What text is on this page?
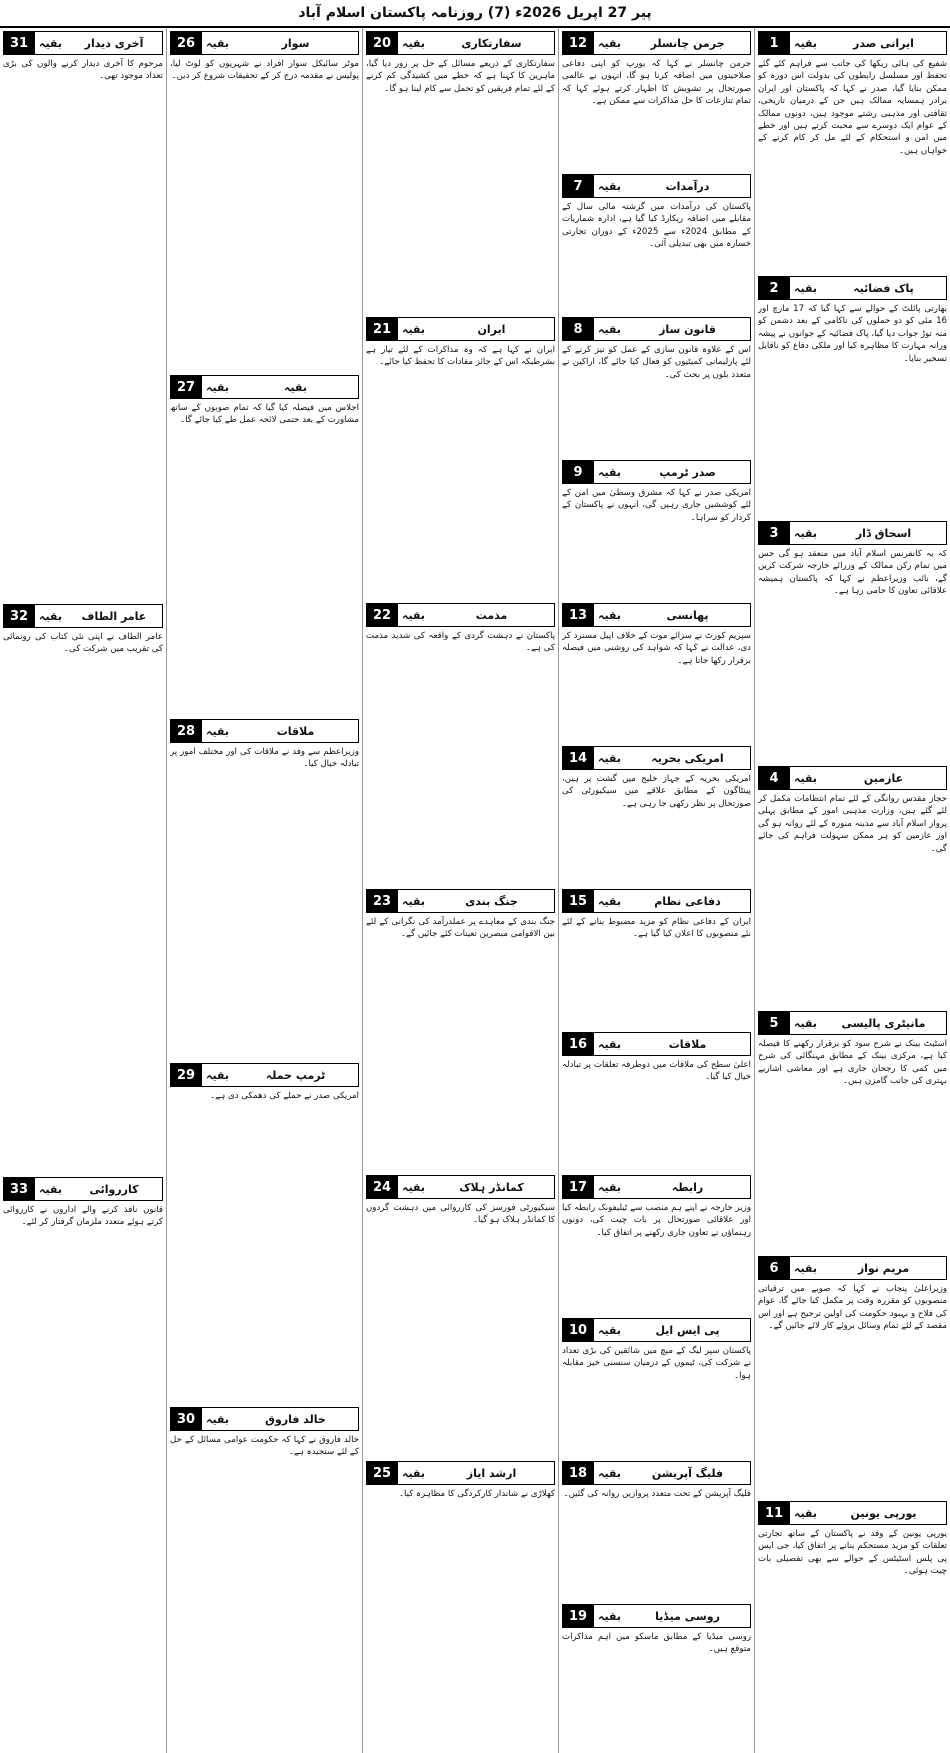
پیر 27 اپریل 2026ء (7) روزنامہ پاکستان اسلام آباد
ایرانی صدر
بقیہ
1
شفیع کی ہائی ریکھا کی جانب سے فراہم کئے گئے تحفظ اور مسلسل رابطوں کی بدولت اس دورہ کو ممکن بنایا گیا، صدر نے کہا کہ پاکستان اور ایران برادر ہمسایہ ممالک ہیں جن کے درمیان تاریخی، ثقافتی اور مذہبی رشتے موجود ہیں، دونوں ممالک کے عوام ایک دوسرے سے محبت کرتے ہیں اور خطے میں امن و استحکام کے لئے مل کر کام کرنے کے خواہاں ہیں۔
پاک فضائیہ
بقیہ
2
بھارتی پائلٹ کے حوالے سے کہا گیا کہ 17 مارچ اور 16 مئی کو دو حملوں کی ناکامی کے بعد دشمن کو منہ توڑ جواب دیا گیا، پاک فضائیہ کے جوانوں نے پیشہ ورانہ مہارت کا مظاہرہ کیا اور ملکی دفاع کو ناقابل تسخیر بنایا۔
اسحاق ڈار
بقیہ
3
کہ یہ کانفرنس اسلام آباد میں منعقد ہو گی جس میں تمام رکن ممالک کے وزرائے خارجہ شرکت کریں گے، نائب وزیراعظم نے کہا کہ پاکستان ہمیشہ علاقائی تعاون کا حامی رہا ہے۔
عازمین
بقیہ
4
حجاز مقدس روانگی کے لئے تمام انتظامات مکمل کر لئے گئے ہیں، وزارت مذہبی امور کے مطابق پہلی پرواز اسلام آباد سے مدینہ منورہ کے لئے روانہ ہو گی اور عازمین کو ہر ممکن سہولت فراہم کی جائے گی۔
مانیٹری پالیسی
بقیہ
5
اسٹیٹ بینک نے شرح سود کو برقرار رکھنے کا فیصلہ کیا ہے، مرکزی بینک کے مطابق مہنگائی کی شرح میں کمی کا رجحان جاری ہے اور معاشی اشاریے بہتری کی جانب گامزن ہیں۔
مریم نواز
بقیہ
6
وزیراعلیٰ پنجاب نے کہا کہ صوبے میں ترقیاتی منصوبوں کو مقررہ وقت پر مکمل کیا جائے گا، عوام کی فلاح و بہبود حکومت کی اولین ترجیح ہے اور اس مقصد کے لئے تمام وسائل بروئے کار لائے جائیں گے۔
یورپی یونین
بقیہ
11
یورپی یونین کے وفد نے پاکستان کے ساتھ تجارتی تعلقات کو مزید مستحکم بنانے پر اتفاق کیا، جی ایس پی پلس اسٹیٹس کے حوالے سے بھی تفصیلی بات چیت ہوئی۔
جرمن چانسلر
بقیہ
12
جرمن چانسلر نے کہا کہ یورپ کو اپنی دفاعی صلاحیتوں میں اضافہ کرنا ہو گا، انہوں نے عالمی صورتحال پر تشویش کا اظہار کرتے ہوئے کہا کہ تمام تنازعات کا حل مذاکرات سے ممکن ہے۔
درآمدات
بقیہ
7
پاکستان کی درآمدات میں گزشتہ مالی سال کے مقابلے میں اضافہ ریکارڈ کیا گیا ہے، ادارہ شماریات کے مطابق 2024ء سے 2025ء کے دوران تجارتی خسارہ میں بھی تبدیلی آئی۔
قانون ساز
بقیہ
8
اس کے علاوہ قانون سازی کے عمل کو تیز کرنے کے لئے پارلیمانی کمیٹیوں کو فعال کیا جائے گا، اراکین نے متعدد بلوں پر بحث کی۔
صدر ٹرمپ
بقیہ
9
امریکی صدر نے کہا کہ مشرق وسطیٰ میں امن کے لئے کوششیں جاری رہیں گی، انہوں نے پاکستان کے کردار کو سراہا۔
پھانسی
بقیہ
13
سپریم کورٹ نے سزائے موت کے خلاف اپیل مسترد کر دی، عدالت نے کہا کہ شواہد کی روشنی میں فیصلہ برقرار رکھا جاتا ہے۔
امریکی بحریہ
بقیہ
14
امریکی بحریہ کے جہاز خلیج میں گشت پر ہیں، پینٹاگون کے مطابق علاقے میں سیکیورٹی کی صورتحال پر نظر رکھی جا رہی ہے۔
دفاعی نظام
بقیہ
15
ایران کے دفاعی نظام کو مزید مضبوط بنانے کے لئے نئے منصوبوں کا اعلان کیا گیا ہے۔
ملاقات
بقیہ
16
اعلیٰ سطح کی ملاقات میں دوطرفہ تعلقات پر تبادلہ خیال کیا گیا۔
رابطہ
بقیہ
17
وزیر خارجہ نے اپنے ہم منصب سے ٹیلیفونک رابطہ کیا اور علاقائی صورتحال پر بات چیت کی، دونوں رہنماؤں نے تعاون جاری رکھنے پر اتفاق کیا۔
پی ایس ایل
بقیہ
10
پاکستان سپر لیگ کے میچ میں شائقین کی بڑی تعداد نے شرکت کی، ٹیموں کے درمیان سنسنی خیز مقابلہ ہوا۔
فلیگ آپریشن
بقیہ
18
فلیگ آپریشن کے تحت متعدد پروازیں روانہ کی گئیں۔
روسی میڈیا
بقیہ
19
روسی میڈیا کے مطابق ماسکو میں اہم مذاکرات متوقع ہیں۔
سفارتکاری
بقیہ
20
سفارتکاری کے ذریعے مسائل کے حل پر زور دیا گیا، ماہرین کا کہنا ہے کہ خطے میں کشیدگی کم کرنے کے لئے تمام فریقین کو تحمل سے کام لینا ہو گا۔
ایران
بقیہ
21
ایران نے کہا ہے کہ وہ مذاکرات کے لئے تیار ہے بشرطیکہ اس کے جائز مفادات کا تحفظ کیا جائے۔
مذمت
بقیہ
22
پاکستان نے دہشت گردی کے واقعہ کی شدید مذمت کی ہے۔
جنگ بندی
بقیہ
23
جنگ بندی کے معاہدے پر عملدرآمد کی نگرانی کے لئے بین الاقوامی مبصرین تعینات کئے جائیں گے۔
کمانڈر ہلاک
بقیہ
24
سیکیورٹی فورسز کی کارروائی میں دہشت گردوں کا کمانڈر ہلاک ہو گیا۔
ارشد ایاز
بقیہ
25
کھلاڑی نے شاندار کارکردگی کا مظاہرہ کیا۔
سوار
بقیہ
26
موٹر سائیکل سوار افراد نے شہریوں کو لوٹ لیا، پولیس نے مقدمہ درج کر کے تحقیقات شروع کر دیں۔
بقیہ
بقیہ
27
اجلاس میں فیصلہ کیا گیا کہ تمام صوبوں کے ساتھ مشاورت کے بعد حتمی لائحہ عمل طے کیا جائے گا۔
ملاقات
بقیہ
28
وزیراعظم سے وفد نے ملاقات کی اور مختلف امور پر تبادلہ خیال کیا۔
ٹرمپ حملہ
بقیہ
29
امریکی صدر نے حملے کی دھمکی دی ہے۔
خالد فاروق
بقیہ
30
خالد فاروق نے کہا کہ حکومت عوامی مسائل کے حل کے لئے سنجیدہ ہے۔
آخری دیدار
بقیہ
31
مرحوم کا آخری دیدار کرنے والوں کی بڑی تعداد موجود تھی۔
عامر الطاف
بقیہ
32
عامر الطاف نے اپنی نئی کتاب کی رونمائی کی تقریب میں شرکت کی۔
کارروائی
بقیہ
33
قانون نافذ کرنے والے اداروں نے کارروائی کرتے ہوئے متعدد ملزمان گرفتار کر لئے۔
